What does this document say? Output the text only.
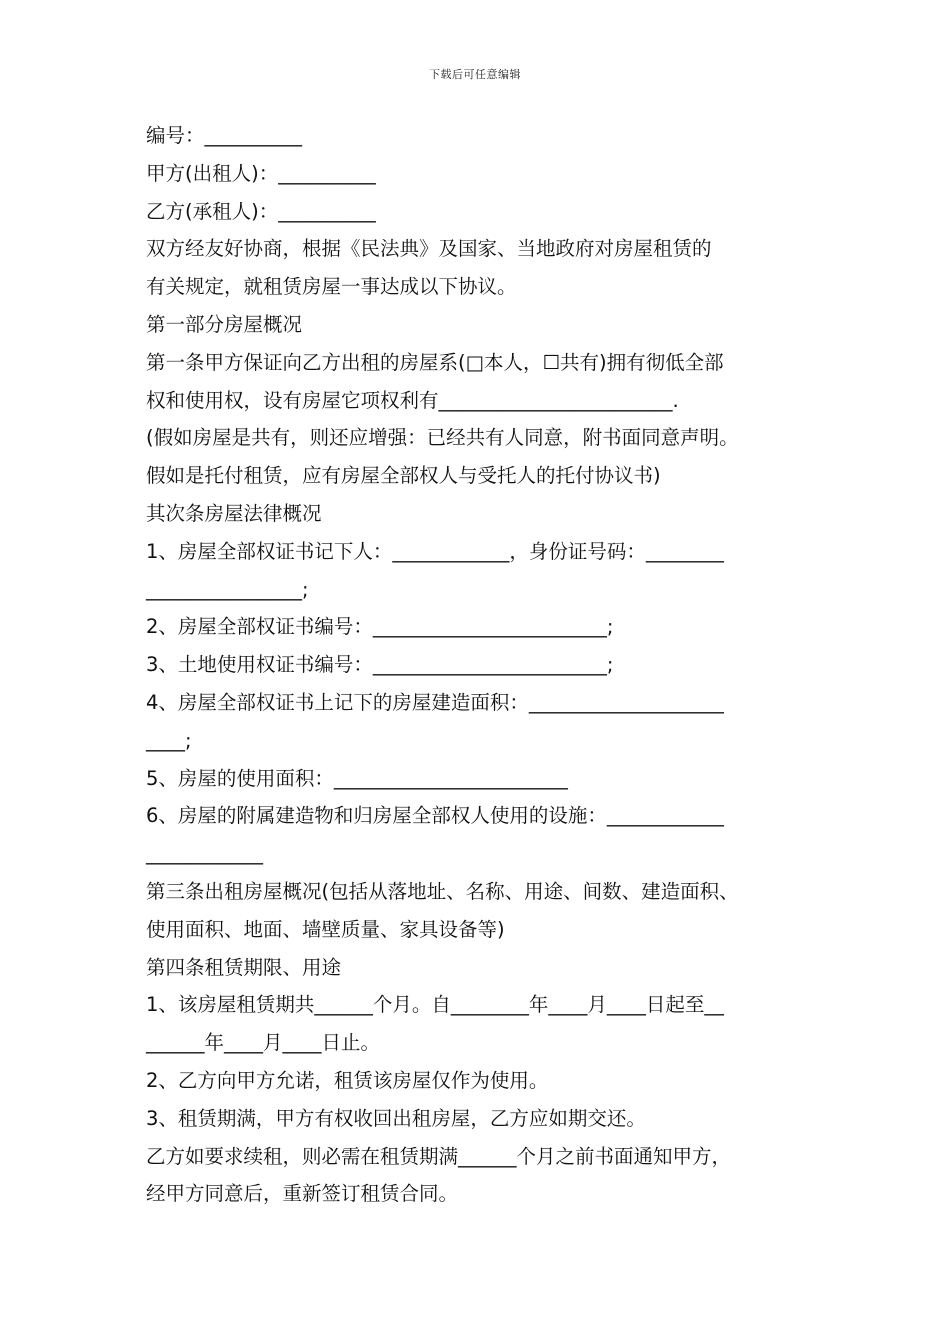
下载后可任意编辑
编号：__________
甲方(出租人)：__________
乙方(承租人)：__________
双方经友好协商，根据《民法典》及国家、当地政府对房屋租赁的
有关规定，就租赁房屋一事达成以下协议。
第一部分房屋概况
第一条甲方保证向乙方出租的房屋系(□本人，☐共有)拥有彻低全部
权和使用权，设有房屋它项权利有________________________.
(假如房屋是共有，则还应增强：已经共有人同意，附书面同意声明。
假如是托付租赁，应有房屋全部权人与受托人的托付协议书)
其次条房屋法律概况
1、房屋全部权证书记下人：____________，身份证号码：________
________________;
2、房屋全部权证书编号：________________________;
3、土地使用权证书编号：________________________;
4、房屋全部权证书上记下的房屋建造面积：____________________
____;
5、房屋的使用面积：________________________
6、房屋的附属建造物和归房屋全部权人使用的设施：____________
____________
第三条出租房屋概况(包括从落地址、名称、用途、间数、建造面积、
使用面积、地面、墙壁质量、家具设备等)
第四条租赁期限、用途
1、该房屋租赁期共______个月。自________年____月____日起至__
______年____月____日止。
2、乙方向甲方允诺，租赁该房屋仅作为使用。
3、租赁期满，甲方有权收回出租房屋，乙方应如期交还。
乙方如要求续租，则必需在租赁期满______个月之前书面通知甲方，
经甲方同意后，重新签订租赁合同。
